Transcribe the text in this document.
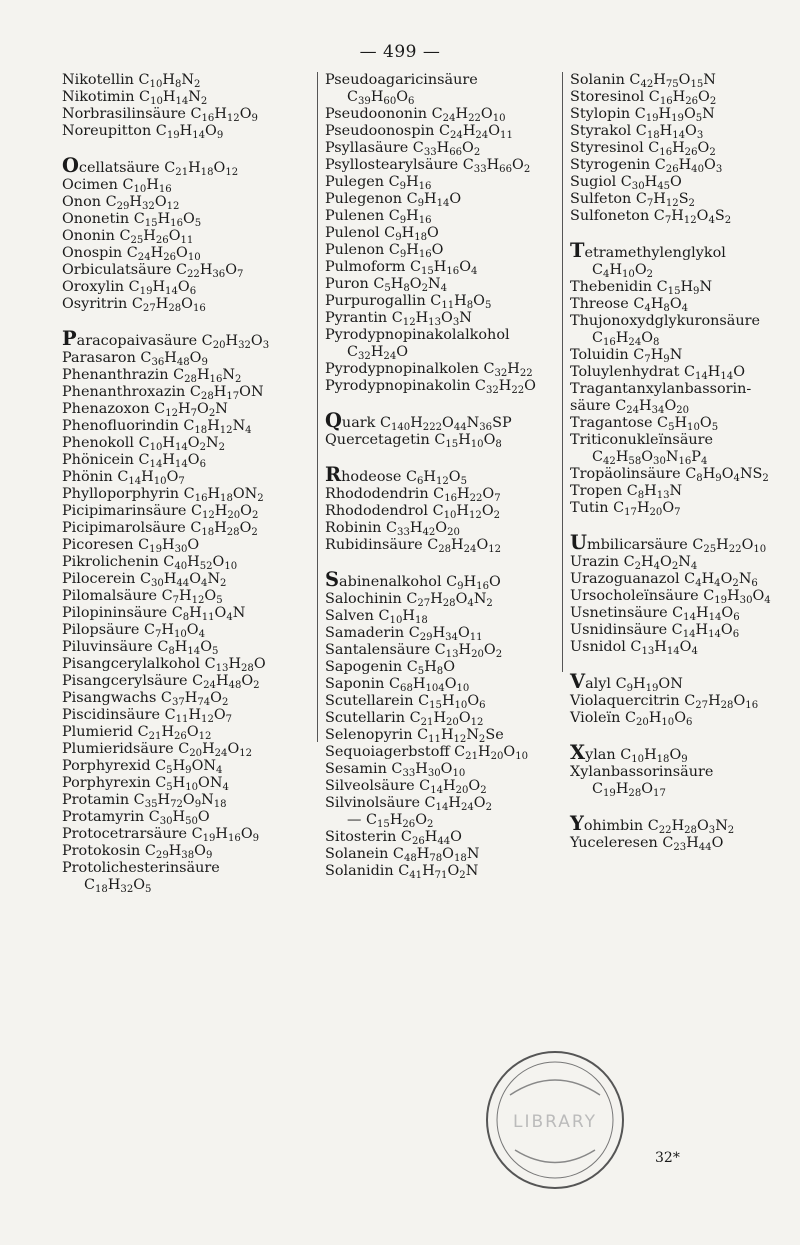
— 499 —
Nikotellin $C_{10}H_8N_2$
Nikotimin $C_{10}H_{14}N_2$
Norbrasilinsäure $C_{16}H_{12}O_9$
Noreupitton $C_{19}H_{14}O_9$
Ocellatsäure $C_{21}H_{18}O_{12}$
Ocimen $C_{10}H_{16}$
Onon $C_{29}H_{32}O_{12}$
Ononetin $C_{15}H_{16}O_5$
Ononin $C_{25}H_{26}O_{11}$
Onospin $C_{24}H_{26}O_{10}$
Orbiculatsäure $C_{22}H_{36}O_7$
Oroxylin $C_{19}H_{14}O_6$
Osyritrin $C_{27}H_{28}O_{16}$
Paracopaivasäure $C_{20}H_{32}O_3$
Parasaron $C_{36}H_{48}O_9$
Phenanthrazin $C_{28}H_{16}N_2$
Phenanthroxazin $C_{28}H_{17}ON$
Phenazoxon $C_{12}H_7O_2N$
Phenofluorindin $C_{18}H_{12}N_4$
Phenokoll $C_{10}H_{14}O_2N_2$
Phönicein $C_{14}H_{14}O_6$
Phönin $C_{14}H_{10}O_7$
Phylloporphyrin $C_{16}H_{18}ON_2$
Picipimarinsäure $C_{12}H_{20}O_2$
Picipimarolsäure $C_{18}H_{28}O_2$
Picoresen $C_{19}H_{30}O$
Pikrolichenin $C_{40}H_{52}O_{10}$
Pilocerein $C_{30}H_{44}O_4N_2$
Pilomalsäure $C_7H_{12}O_5$
Pilopininsäure $C_8H_{11}O_4N$
Pilopsäure $C_7H_{10}O_4$
Piluvinsäure $C_8H_{14}O_5$
Pisangcerylalkohol $C_{13}H_{28}O$
Pisangcerylsäure $C_{24}H_{48}O_2$
Pisangwachs $C_{37}H_{74}O_2$
Piscidinsäure $C_{11}H_{12}O_7$
Plumierid $C_{21}H_{26}O_{12}$
Plumieridsäure $C_{20}H_{24}O_{12}$
Porphyrexid $C_5H_9ON_4$
Porphyrexin $C_5H_{10}ON_4$
Protamin $C_{35}H_{72}O_9N_{18}$
Protamyrin $C_{30}H_{50}O$
Protocetrarsäure $C_{19}H_{16}O_9$
Protokosin $C_{29}H_{38}O_9$
Protolichesterinsäure
$C_{18}H_{32}O_5$
Pseudoagaricinsäure
$C_{39}H_{60}O_6$
Pseudoononin $C_{24}H_{22}O_{10}$
Pseudoonospin $C_{24}H_{24}O_{11}$
Psyllasäure $C_{33}H_{66}O_2$
Psyllostearylsäure $C_{33}H_{66}O_2$
Pulegen $C_9H_{16}$
Pulegenon $C_9H_{14}O$
Pulenen $C_9H_{16}$
Pulenol $C_9H_{18}O$
Pulenon $C_9H_{16}O$
Pulmoform $C_{15}H_{16}O_4$
Puron $C_5H_8O_2N_4$
Purpurogallin $C_{11}H_8O_5$
Pyrantin $C_{12}H_{13}O_3N$
Pyrodypnopinakolalkohol
$C_{32}H_{24}O$
Pyrodypnopinalkolen $C_{32}H_{22}$
Pyrodypnopinakolin $C_{32}H_{22}O$
Quark $C_{140}H_{222}O_{44}N_{36}SP$
Quercetagetin $C_{15}H_{10}O_8$
Rhodeose $C_6H_{12}O_5$
Rhododendrin $C_{16}H_{22}O_7$
Rhododendrol $C_{10}H_{12}O_2$
Robinin $C_{33}H_{42}O_{20}$
Rubidinsäure $C_{28}H_{24}O_{12}$
Sabinenalkohol $C_9H_{16}O$
Salochinin $C_{27}H_{28}O_4N_2$
Salven $C_{10}H_{18}$
Samaderin $C_{29}H_{34}O_{11}$
Santalensäure $C_{13}H_{20}O_2$
Sapogenin $C_5H_8O$
Saponin $C_{68}H_{104}O_{10}$
Scutellarein $C_{15}H_{10}O_6$
Scutellarin $C_{21}H_{20}O_{12}$
Selenopyrin $C_{11}H_{12}N_2Se$
Sequoiagerbstoff $C_{21}H_{20}O_{10}$
Sesamin $C_{33}H_{30}O_{10}$
Silveolsäure $C_{14}H_{20}O_2$
Silvinolsäure $C_{14}H_{24}O_2$
— $C_{15}H_{26}O_2$
Sitosterin $C_{26}H_{44}O$
Solanein $C_{48}H_{78}O_{18}N$
Solanidin $C_{41}H_{71}O_2N$
Solanin $C_{42}H_{75}O_{15}N$
Storesinol $C_{16}H_{26}O_2$
Stylopin $C_{19}H_{19}O_5N$
Styrakol $C_{18}H_{14}O_3$
Styresinol $C_{16}H_{26}O_2$
Styrogenin $C_{26}H_{40}O_3$
Sugiol $C_{30}H_{45}O$
Sulfeton $C_7H_{12}S_2$
Sulfoneton $C_7H_{12}O_4S_2$
Tetramethylenglykol
$C_4H_{10}O_2$
Thebenidin $C_{15}H_9N$
Threose $C_4H_8O_4$
Thujonoxydglykuronsäure
$C_{16}H_{24}O_8$
Toluidin $C_7H_9N$
Toluylenhydrat $C_{14}H_{14}O$
Tragantanxylanbassorin-
säure $C_{24}H_{34}O_{20}$
Tragantose $C_5H_{10}O_5$
Triticonukleïnsäure
$C_{42}H_{58}O_{30}N_{16}P_4$
Tropäolinsäure $C_8H_9O_4NS_2$
Tropen $C_8H_{13}N$
Tutin $C_{17}H_{20}O_7$
Umbilicarsäure $C_{25}H_{22}O_{10}$
Urazin $C_2H_4O_2N_4$
Urazoguanazol $C_4H_4O_2N_6$
Ursocholeïnsäure $C_{19}H_{30}O_4$
Usnetinsäure $C_{14}H_{14}O_6$
Usnidinsäure $C_{14}H_{14}O_6$
Usnidol $C_{13}H_{14}O_4$
Valyl $C_9H_{19}ON$
Violaquercitrin $C_{27}H_{28}O_{16}$
Violeïn $C_{20}H_{10}O_6$
Xylan $C_{10}H_{18}O_9$
Xylanbassorinsäure
$C_{19}H_{28}O_{17}$
Yohimbin $C_{22}H_{28}O_3N_2$
Yuceleresen $C_{23}H_{44}O$
LIBRARY
32*
